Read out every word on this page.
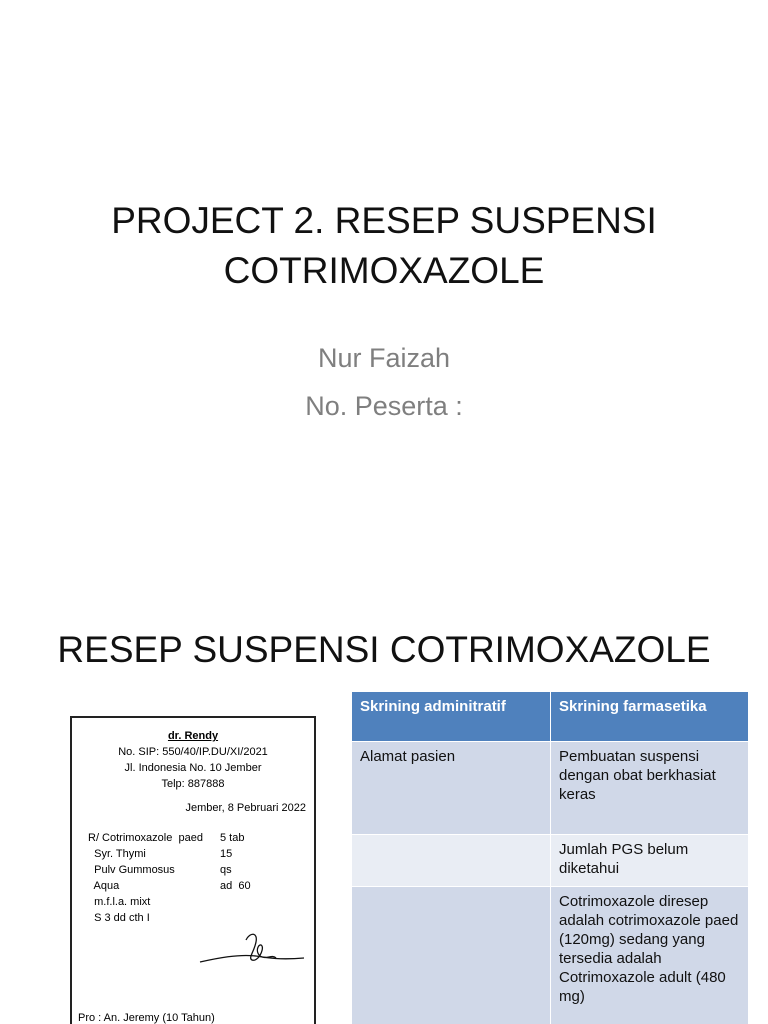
PROJECT 2. RESEP SUSPENSI
COTRIMOXAZOLE
Nur Faizah
No. Peserta :
RESEP SUSPENSI COTRIMOXAZOLE
dr. Rendy
No. SIP: 550/40/IP.DU/XI/2021
Jl. Indonesia No. 10 Jember
Telp: 887888
Jember, 8 Pebruari 2022
R/ Cotrimoxazole  paed	5 tab
Syr. Thymi	15
Pulv Gummosus	qs
Aqua	ad  60
m.f.l.a. mixt
S 3 dd cth I
Pro : An. Jeremy (10 Tahun)
Skrining adminitratif	Skrining farmasetika
Alamat pasien	Pembuatan suspensi dengan obat berkhasiat keras
	Jumlah PGS belum diketahui
	Cotrimoxazole diresep adalah cotrimoxazole paed (120mg) sedang yang tersedia adalah Cotrimoxazole adult (480 mg)
